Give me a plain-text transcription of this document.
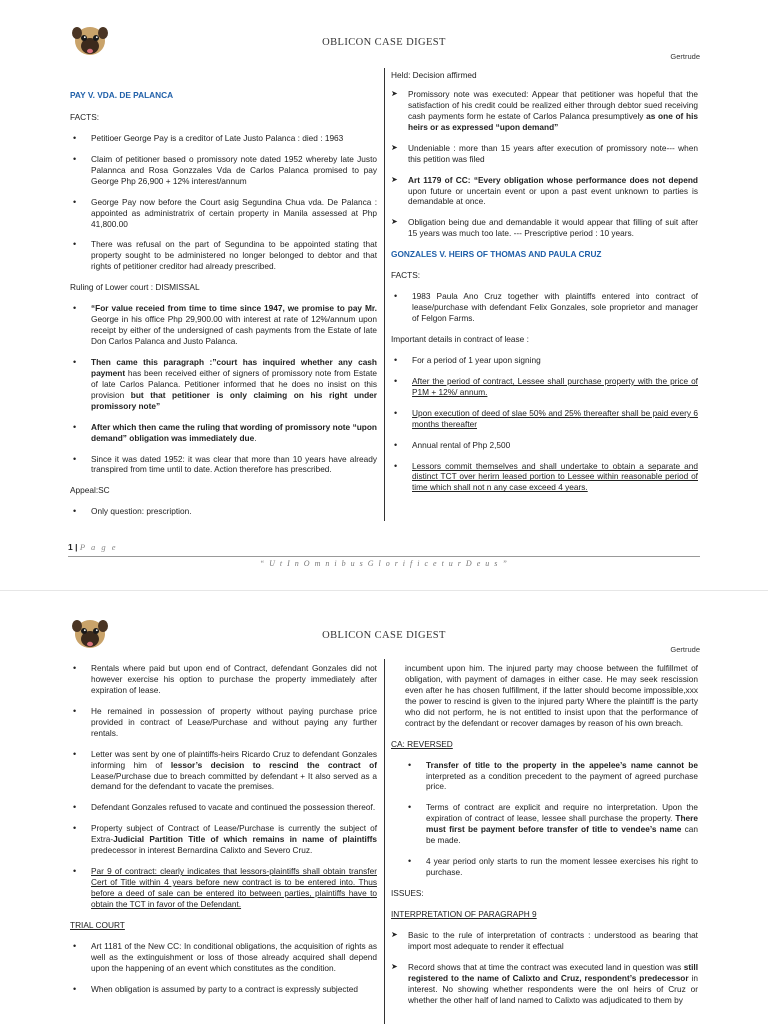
OBLICON CASE DIGEST
Gertrude
PAY V. VDA. DE PALANCA

FACTS:

• Petitioer George Pay is a creditor of Late Justo Palanca : died : 1963
• Claim of petitioner based o promissory note dated 1952 whereby late Justo Palannca and Rosa Gonzzales Vda de Carlos Palanca promised to pay George Php 26,900 + 12% interest/annum
• George Pay now before the Court asig Segundina Chua vda. De Palanca : appointed as administratrix of certain property in Manila assessed at Php 41,800.00
• There was refusal on the part of Segundina to be appointed stating that property sought to be administered no longer belonged to debtor and that rights of petitioner creditor had already prescribed.

Ruling of Lower court : DISMISSAL

• “For value receied from time to time since 1947, we promise to pay Mr. George in his office Php 29,900.00 with interest at rate of 12%/annum upon receipt by either of the undersigned of cash payments from the Estate of late Don Carlos Palanca and Justo Palanca.
• Then came this paragraph :”court has inquired whether any cash payment has been received either of signers of promissory note from Estate of late Carlos Palanca. Petitioner informed that he does no insist on this provision but that petitioner is only claiming on his right under promissory note”
• After which then came the ruling that wording of promissory note “upon demand” obligation was immediately due.
• Since it was dated 1952: it was clear that more than 10 years have already transpired from time until to date. Action therefore has prescribed.

Appeal:SC

• Only question: prescription.

Held: Decision affirmed

➤ Promissory note was executed: Appear that petitioner was hopeful that the satisfaction of his credit could be realized either through debtor sued receiving cash payments form he estate of Carlos Palanca presumptively as one of his heirs or as expressed “upon demand”
➤ Undeniable : more than 15 years after execution of promissory note--- when this petition was filed
➤ Art 1179 of CC: “Every obligation whose performance does not depend upon future or uncertain event or upon a past event unknown to parties is demandable at once.
➤ Obligation being due and demandable it would appear that filling of suit after 15 years was much too late. --- Prescriptive period : 10 years.
GONZALES V. HEIRS OF THOMAS AND PAULA CRUZ

FACTS:

• 1983 Paula Ano Cruz together with plaintiffs entered into contract of lease/purchase with defendant Felix Gonzales, sole proprietor and manager of Felgon Farms.

Important details in contract of lease :

• For a period of 1 year upon signing
• After the period of contract, Lessee shall purchase property with the price of P1M + 12%/ annum.
• Upon execution of deed of slae 50% and 25% thereafter shall be paid every 6 months thereafter
• Annual rental of Php 2,500
• Lessors commit themselves and shall undertake to obtain a separate and distinct TCT over herirn leased portion to Lessee within reasonable period of time which shall not n any case exceed 4 years.
1 | P a g e
“ U t I n O m n i b u s G l o r i f i c e t u r D e u s ”
OBLICON CASE DIGEST
Gertrude
• Rentals where paid but upon end of Contract, defendant Gonzales did not however exercise his option to purchase the property immediately after expiration of lease.
• He remained in possession of property without paying purchase price provided in contract of Lease/Purchase and without paying any further rentals.
• Letter was sent by one of plaintiffs-heirs Ricardo Cruz to defendant Gonzales informing him of lessor’s decision to rescind the contract of Lease/Purchase due to breach committed by defendant + It also served as a demand for the defendant to vacate the premises.
• Defendant Gonzales refused to vacate and continued the possession thereof.
• Property subject of Contract of Lease/Purchase is currently the subject of Extra-Judicial Partition Title of which remains in name of plaintiffs predecessor in interest Bernardina Calixto and Severo Cruz.
• Par 9 of contract: clearly indicates that lessors-plaintiffs shall obtain transfer Cert of Title within 4 years before new contract is to be entered into. Thus before a deed of sale can be entered ito between parties, plaintiffs have to obtain the TCT in favor of the Defendant.

TRIAL COURT

• Art 1181 of the New CC: In conditional obligations, the acquisition of rights as well as the extinguishment or loss of those already acquired shall depend upon the happening of an event which constitutes as the condition.
• When obligation is assumed by party to a contract is expressly subjected

incumbent upon him. The injured party may choose between the fulfillmet of obligation, with payment of damages in either case. He may seek rescission even after he has chosen fulfillment, if the latter should become impossible,xxx the power to rescind is given to the injured party Where the plaintiff is the party who did not perform, he is not entitled to insist upon that the performance of contract by the defendant or recover damages by reason of his own breach.

CA: REVERSED

• Transfer of title to the property in the appelee’s name cannot be interpreted as a condition precedent to the payment of agreed purchase price.
• Terms of contract are explicit and require no interpretation. Upon the expiration of contract of lease, lessee shall purchase the property. There must first be payment before transfer of title to vendee’s name can be made.
• 4 year period only starts to run the moment lessee exercises his right to purchase.

ISSUES:

INTERPRETATION OF PARAGRAPH 9

➤ Basic to the rule of interpretation of contracts : understood as bearing that import most adequate to render it effectual
➤ Record shows that at time the contract was executed land in question was still registered to the name of Calixto and Cruz, respondent’s predecessor in interest. No showing whether respondents were the onl heirs of Cruz or whether the other half of land named to Calixto was adjudicated to them by
